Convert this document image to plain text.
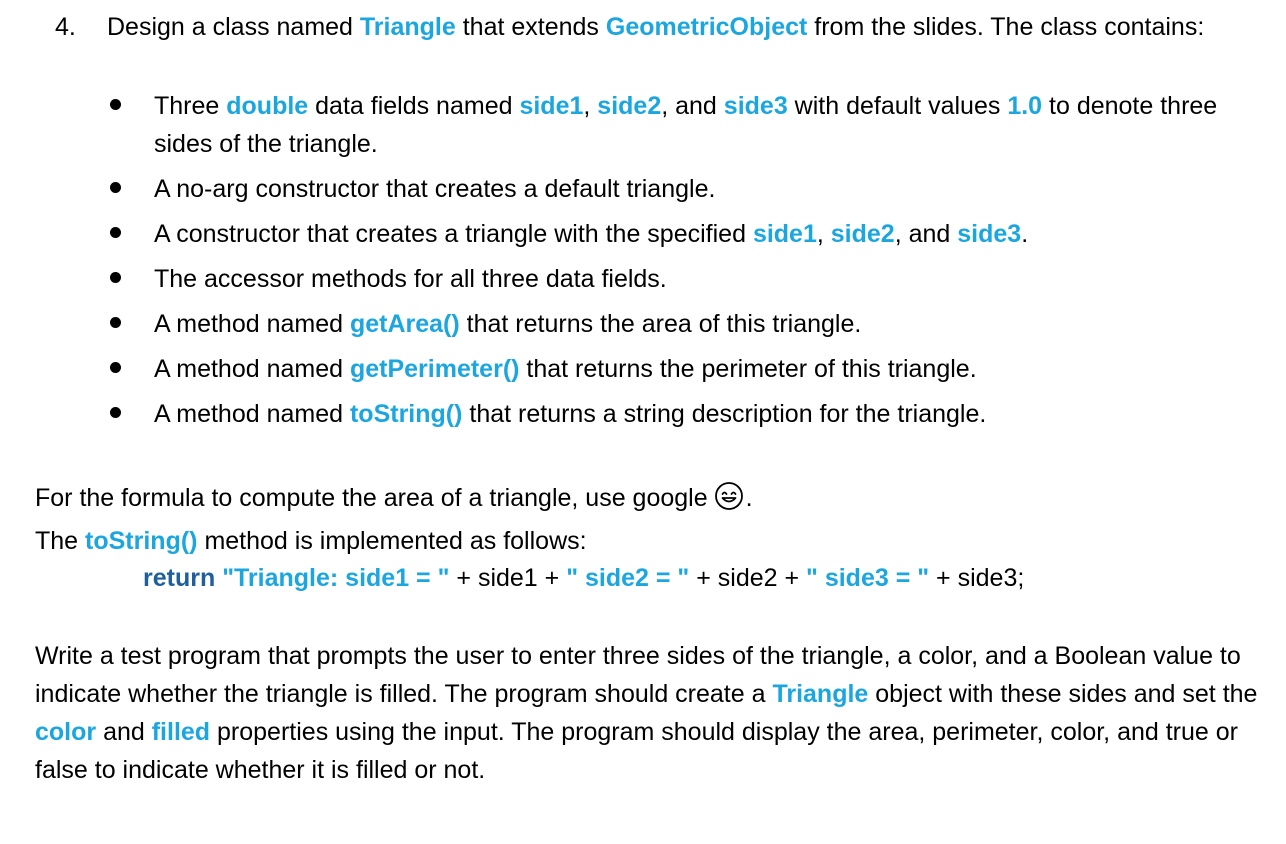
4. Design a class named Triangle that extends GeometricObject from the slides. The class contains:
Three double data fields named side1, side2, and side3 with default values 1.0 to denote three sides of the triangle.
A no-arg constructor that creates a default triangle.
A constructor that creates a triangle with the specified side1, side2, and side3.
The accessor methods for all three data fields.
A method named getArea() that returns the area of this triangle.
A method named getPerimeter() that returns the perimeter of this triangle.
A method named toString() that returns a string description for the triangle.
For the formula to compute the area of a triangle, use google .
The toString() method is implemented as follows:
return "Triangle: side1 = " + side1 + " side2 = " + side2 + " side3 = " + side3;
Write a test program that prompts the user to enter three sides of the triangle, a color, and a Boolean value to indicate whether the triangle is filled. The program should create a Triangle object with these sides and set the color and filled properties using the input. The program should display the area, perimeter, color, and true or false to indicate whether it is filled or not.
